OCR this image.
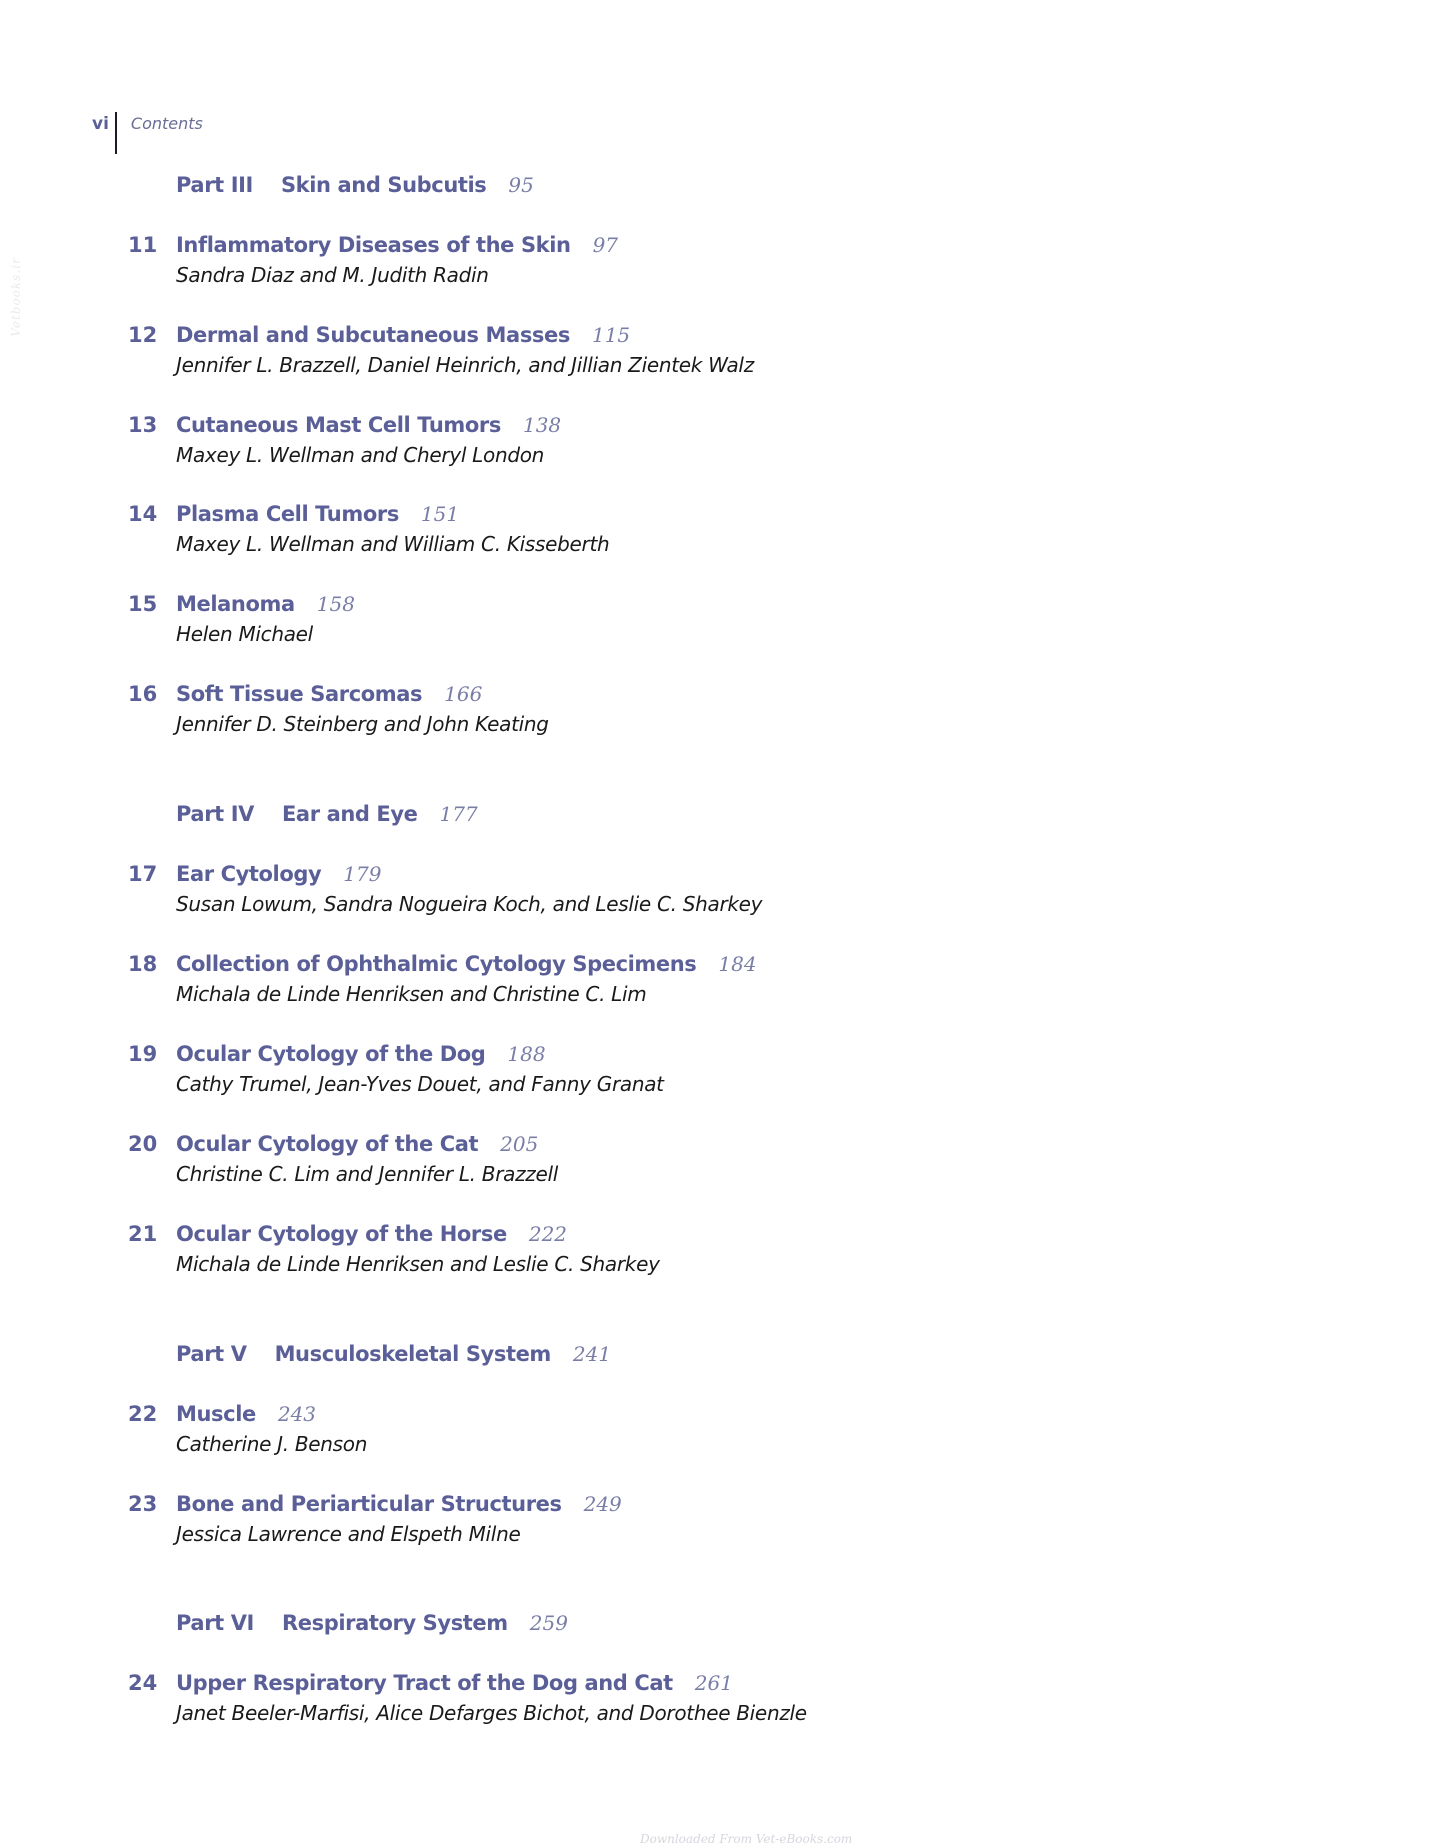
vi	Contents
Vetbooks.ir
Part III Skin and Subcutis 95
11 Inflammatory Diseases of the Skin 97
Sandra Diaz and M. Judith Radin
12 Dermal and Subcutaneous Masses 115
Jennifer L. Brazzell, Daniel Heinrich, and Jillian Zientek Walz
13 Cutaneous Mast Cell Tumors 138
Maxey L. Wellman and Cheryl London
14 Plasma Cell Tumors 151
Maxey L. Wellman and William C. Kisseberth
15 Melanoma 158
Helen Michael
16 Soft Tissue Sarcomas 166
Jennifer D. Steinberg and John Keating
Part IV Ear and Eye 177
17 Ear Cytology 179
Susan Lowum, Sandra Nogueira Koch, and Leslie C. Sharkey
18 Collection of Ophthalmic Cytology Specimens 184
Michala de Linde Henriksen and Christine C. Lim
19 Ocular Cytology of the Dog 188
Cathy Trumel, Jean-Yves Douet, and Fanny Granat
20 Ocular Cytology of the Cat 205
Christine C. Lim and Jennifer L. Brazzell
21 Ocular Cytology of the Horse 222
Michala de Linde Henriksen and Leslie C. Sharkey
Part V Musculoskeletal System 241
22 Muscle 243
Catherine J. Benson
23 Bone and Periarticular Structures 249
Jessica Lawrence and Elspeth Milne
Part VI Respiratory System 259
24 Upper Respiratory Tract of the Dog and Cat 261
Janet Beeler-Marfisi, Alice Defarges Bichot, and Dorothee Bienzle
Downloaded From Vet-eBooks.com
